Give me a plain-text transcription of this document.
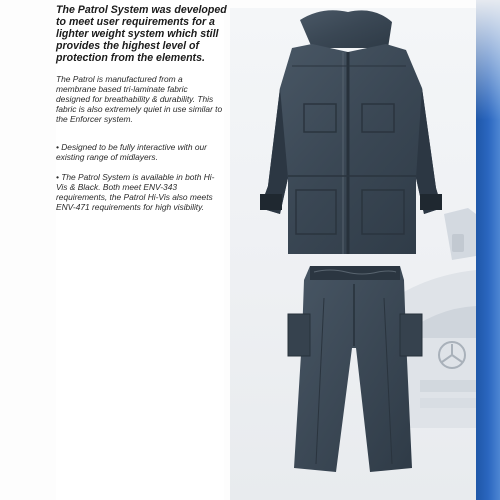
The Patrol System was developed to meet user requirements for a lighter weight system which still provides the highest level of protection from the elements.

The Patrol is manufactured from a membrane based tri-laminate fabric designed for breathability & durability. This fabric is also extremely quiet in use similar to the Enforcer system.

• Designed to be fully interactive with our existing range of midlayers.

• The Patrol System is available in both Hi-Vis & Black. Both meet ENV-343 requirements, the Patrol Hi-Vis also meets ENV-471 requirements for high visibility.
